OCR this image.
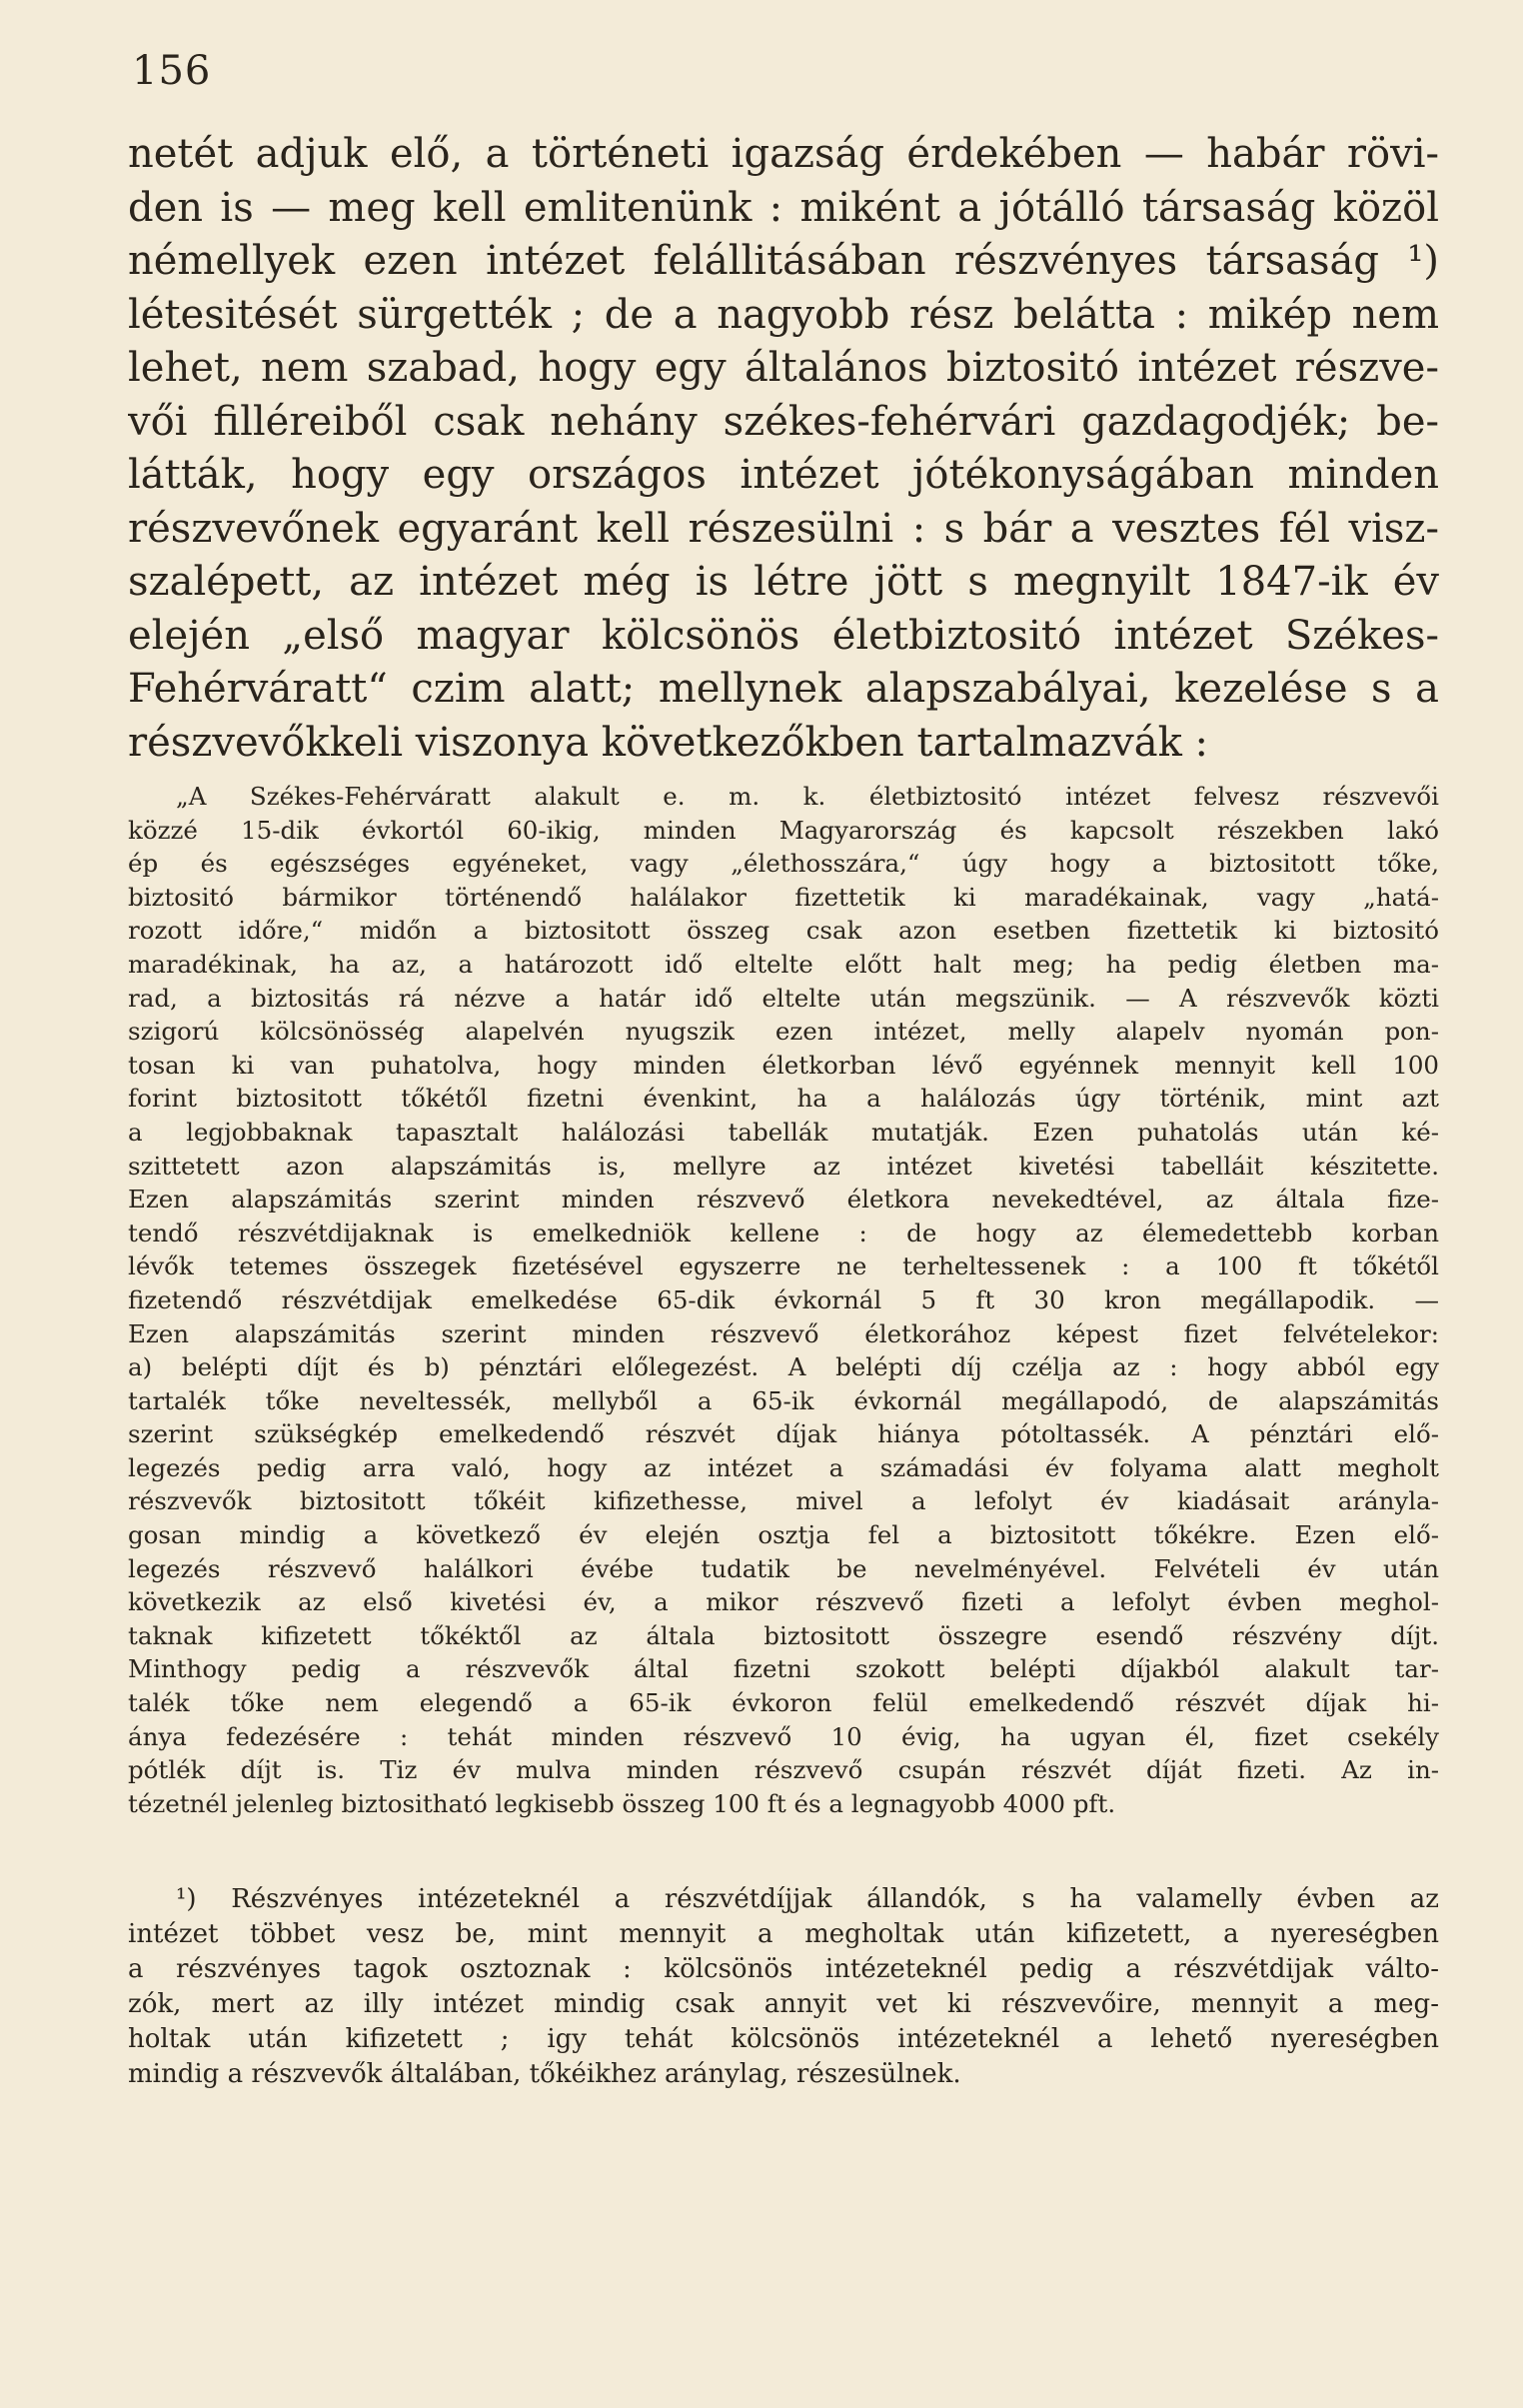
156
netét adjuk elő, a történeti igazság érdekében — habár rövi-
den is — meg kell emlitenünk : miként a jótálló társaság közöl
némellyek ezen intézet felállitásában részvényes társaság ¹)
létesitését sürgették ; de a nagyobb rész belátta : mikép nem
lehet, nem szabad, hogy egy általános biztositó intézet részve-
vői filléreiből csak nehány székes-fehérvári gazdagodjék; be-
látták, hogy egy országos intézet jótékonyságában minden
részvevőnek egyaránt kell részesülni : s bár a vesztes fél visz-
szalépett, az intézet még is létre jött s megnyilt 1847-ik év
elején „első magyar kölcsönös életbiztositó intézet Székes-
Fehérváratt“ czim alatt; mellynek alapszabályai, kezelése s a
részvevőkkeli viszonya következőkben tartalmazvák :
„A Székes-Fehérváratt alakult e. m. k. életbiztositó intézet felvesz részvevői
közzé 15-dik évkortól 60-ikig, minden Magyarország és kapcsolt részekben lakó
ép és egészséges egyéneket, vagy „élethosszára,“ úgy hogy a biztositott tőke,
biztositó bármikor történendő halálakor fizettetik ki maradékainak, vagy „hatá-
rozott időre,“ midőn a biztositott összeg csak azon esetben fizettetik ki biztositó
maradékinak, ha az, a határozott idő eltelte előtt halt meg; ha pedig életben ma-
rad, a biztositás rá nézve a határ idő eltelte után megszünik. — A részvevők közti
szigorú kölcsönösség alapelvén nyugszik ezen intézet, melly alapelv nyomán pon-
tosan ki van puhatolva, hogy minden életkorban lévő egyénnek mennyit kell 100
forint biztositott tőkétől fizetni évenkint, ha a halálozás úgy történik, mint azt
a legjobbaknak tapasztalt halálozási tabellák mutatják. Ezen puhatolás után ké-
szittetett azon alapszámitás is, mellyre az intézet kivetési tabelláit készitette.
Ezen alapszámitás szerint minden részvevő életkora nevekedtével, az általa fize-
tendő részvétdijaknak is emelkedniök kellene : de hogy az élemedettebb korban
lévők tetemes összegek fizetésével egyszerre ne terheltessenek : a 100 ft tőkétől
fizetendő részvétdijak emelkedése 65-dik évkornál 5 ft 30 kron megállapodik. —
Ezen alapszámitás szerint minden részvevő életkorához képest fizet felvételekor:
a) belépti díjt és b) pénztári előlegezést. A belépti díj czélja az : hogy abból egy
tartalék tőke neveltessék, mellyből a 65-ik évkornál megállapodó, de alapszámitás
szerint szükségkép emelkedendő részvét díjak hiánya pótoltassék. A pénztári elő-
legezés pedig arra való, hogy az intézet a számadási év folyama alatt megholt
részvevők biztositott tőkéit kifizethesse, mivel a lefolyt év kiadásait arányla-
gosan mindig a következő év elején osztja fel a biztositott tőkékre. Ezen elő-
legezés részvevő halálkori évébe tudatik be nevelményével. Felvételi év után
következik az első kivetési év, a mikor részvevő fizeti a lefolyt évben meghol-
taknak kifizetett tőkéktől az általa biztositott összegre esendő részvény díjt.
Minthogy pedig a részvevők által fizetni szokott belépti díjakból alakult tar-
talék tőke nem elegendő a 65-ik évkoron felül emelkedendő részvét díjak hi-
ánya fedezésére : tehát minden részvevő 10 évig, ha ugyan él, fizet csekély
pótlék díjt is. Tiz év mulva minden részvevő csupán részvét díját fizeti. Az in-
tézetnél jelenleg biztositható legkisebb összeg 100 ft és a legnagyobb 4000 pft.
¹) Részvényes intézeteknél a részvétdíjjak állandók, s ha valamelly évben az
intézet többet vesz be, mint mennyit a megholtak után kifizetett, a nyereségben
a részvényes tagok osztoznak : kölcsönös intézeteknél pedig a részvétdijak válto-
zók, mert az illy intézet mindig csak annyit vet ki részvevőire, mennyit a meg-
holtak után kifizetett ; igy tehát kölcsönös intézeteknél a lehető nyereségben
mindig a részvevők általában, tőkéikhez aránylag, részesülnek.
